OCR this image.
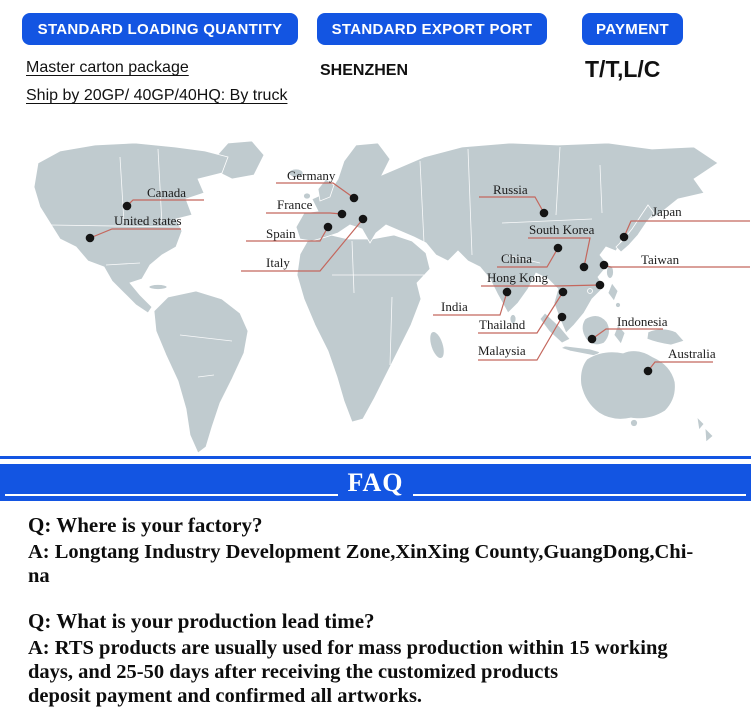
STANDARD LOADING QUANTITY
Master carton package
Ship by 20GP/ 40GP/40HQ: By truck
STANDARD EXPORT PORT
SHENZHEN
PAYMENT
T/T,L/C
Canada
United states
Germany
France
Spain
Italy
Russia
South Korea
Japan
China
Hong Kong
Taiwan
India
Thailand	Indonesia
Malaysia	Australia
FAQ
Q: Where is your factory?
A: Longtang Industry Development Zone,XinXing County,GuangDong,Chi-
na
Q: What is your production lead time?
A: RTS products are usually used for mass production within 15 working
days, and 25-50 days after receiving the customized products
deposit payment and confirmed all artworks.
